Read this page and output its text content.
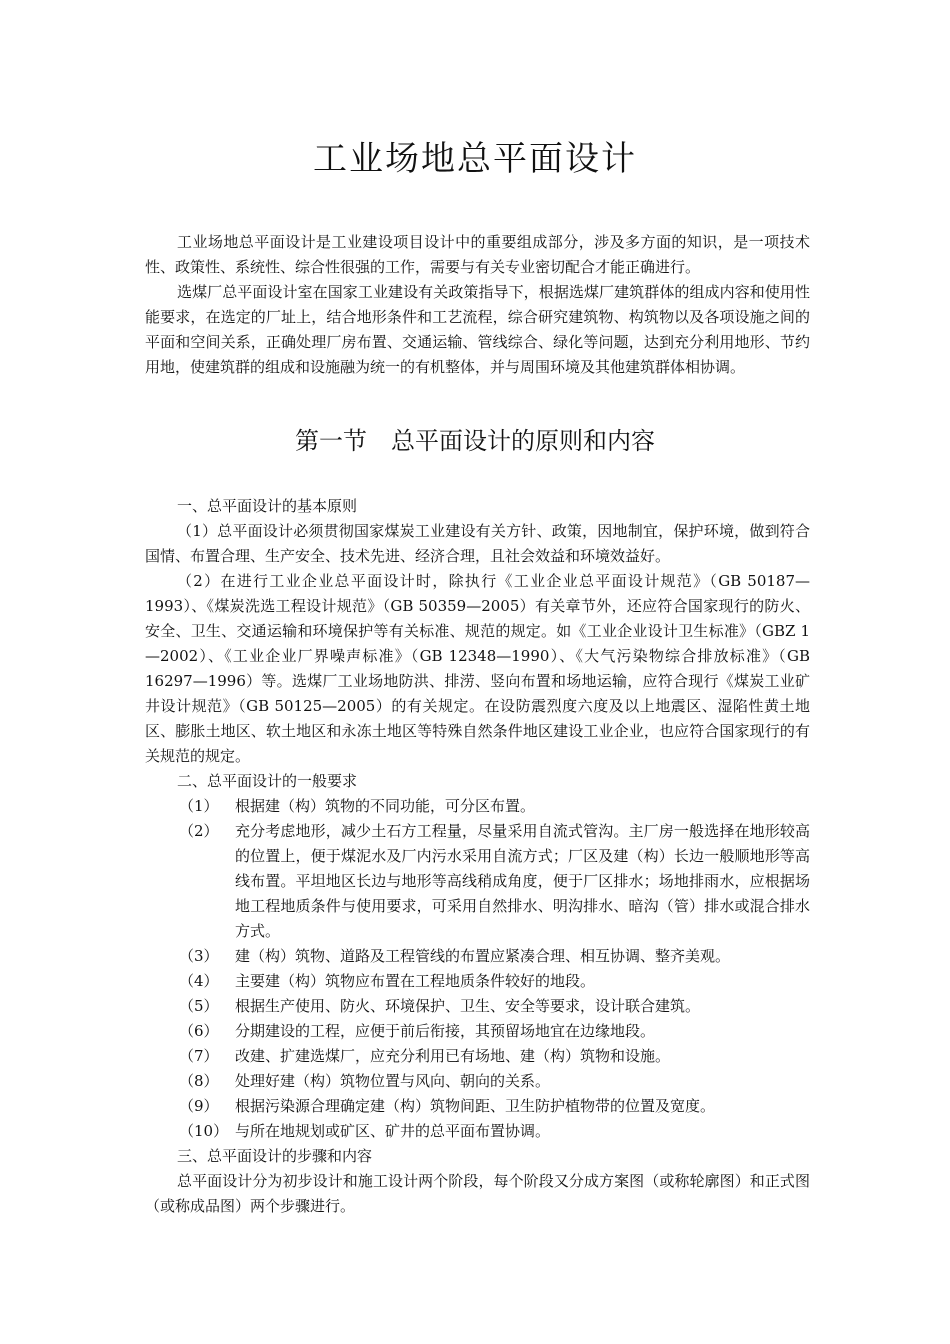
工业场地总平面设计

工业场地总平面设计是工业建设项目设计中的重要组成部分，涉及多方面的知识，是一项技术性、政策性、系统性、综合性很强的工作，需要与有关专业密切配合才能正确进行。

选煤厂总平面设计室在国家工业建设有关政策指导下，根据选煤厂建筑群体的组成内容和使用性能要求，在选定的厂址上，结合地形条件和工艺流程，综合研究建筑物、构筑物以及各项设施之间的平面和空间关系，正确处理厂房布置、交通运输、管线综合、绿化等问题，达到充分利用地形、节约用地，使建筑群的组成和设施融为统一的有机整体，并与周围环境及其他建筑群体相协调。

第一节　总平面设计的原则和内容

一、总平面设计的基本原则

（1）总平面设计必须贯彻国家煤炭工业建设有关方针、政策，因地制宜，保护环境，做到符合国情、布置合理、生产安全、技术先进、经济合理，且社会效益和环境效益好。

（2）在进行工业企业总平面设计时，除执行《工业企业总平面设计规范》（GB 50187—1993）、《煤炭洗选工程设计规范》（GB 50359—2005）有关章节外，还应符合国家现行的防火、安全、卫生、交通运输和环境保护等有关标准、规范的规定。如《工业企业设计卫生标准》（GBZ 1—2002）、《工业企业厂界噪声标准》（GB 12348—1990）、《大气污染物综合排放标准》（GB 16297—1996）等。选煤厂工业场地防洪、排涝、竖向布置和场地运输，应符合现行《煤炭工业矿井设计规范》（GB 50125—2005）的有关规定。在设防震烈度六度及以上地震区、湿陷性黄土地区、膨胀土地区、软土地区和永冻土地区等特殊自然条件地区建设工业企业，也应符合国家现行的有关规范的规定。

二、总平面设计的一般要求

（1）	根据建（构）筑物的不同功能，可分区布置。
（2）	充分考虑地形，减少土石方工程量，尽量采用自流式管沟。主厂房一般选择在地形较高的位置上，便于煤泥水及厂内污水采用自流方式；厂区及建（构）长边一般顺地形等高线布置。平坦地区长边与地形等高线稍成角度，便于厂区排水；场地排雨水，应根据场地工程地质条件与使用要求，可采用自然排水、明沟排水、暗沟（管）排水或混合排水方式。
（3）	建（构）筑物、道路及工程管线的布置应紧凑合理、相互协调、整齐美观。
（4）	主要建（构）筑物应布置在工程地质条件较好的地段。
（5）	根据生产使用、防火、环境保护、卫生、安全等要求，设计联合建筑。
（6）	分期建设的工程，应便于前后衔接，其预留场地宜在边缘地段。
（7）	改建、扩建选煤厂，应充分利用已有场地、建（构）筑物和设施。
（8）	处理好建（构）筑物位置与风向、朝向的关系。
（9）	根据污染源合理确定建（构）筑物间距、卫生防护植物带的位置及宽度。
（10） 与所在地规划或矿区、矿井的总平面布置协调。

三、总平面设计的步骤和内容

总平面设计分为初步设计和施工设计两个阶段，每个阶段又分成方案图（或称轮廓图）和正式图（或称成品图）两个步骤进行。
